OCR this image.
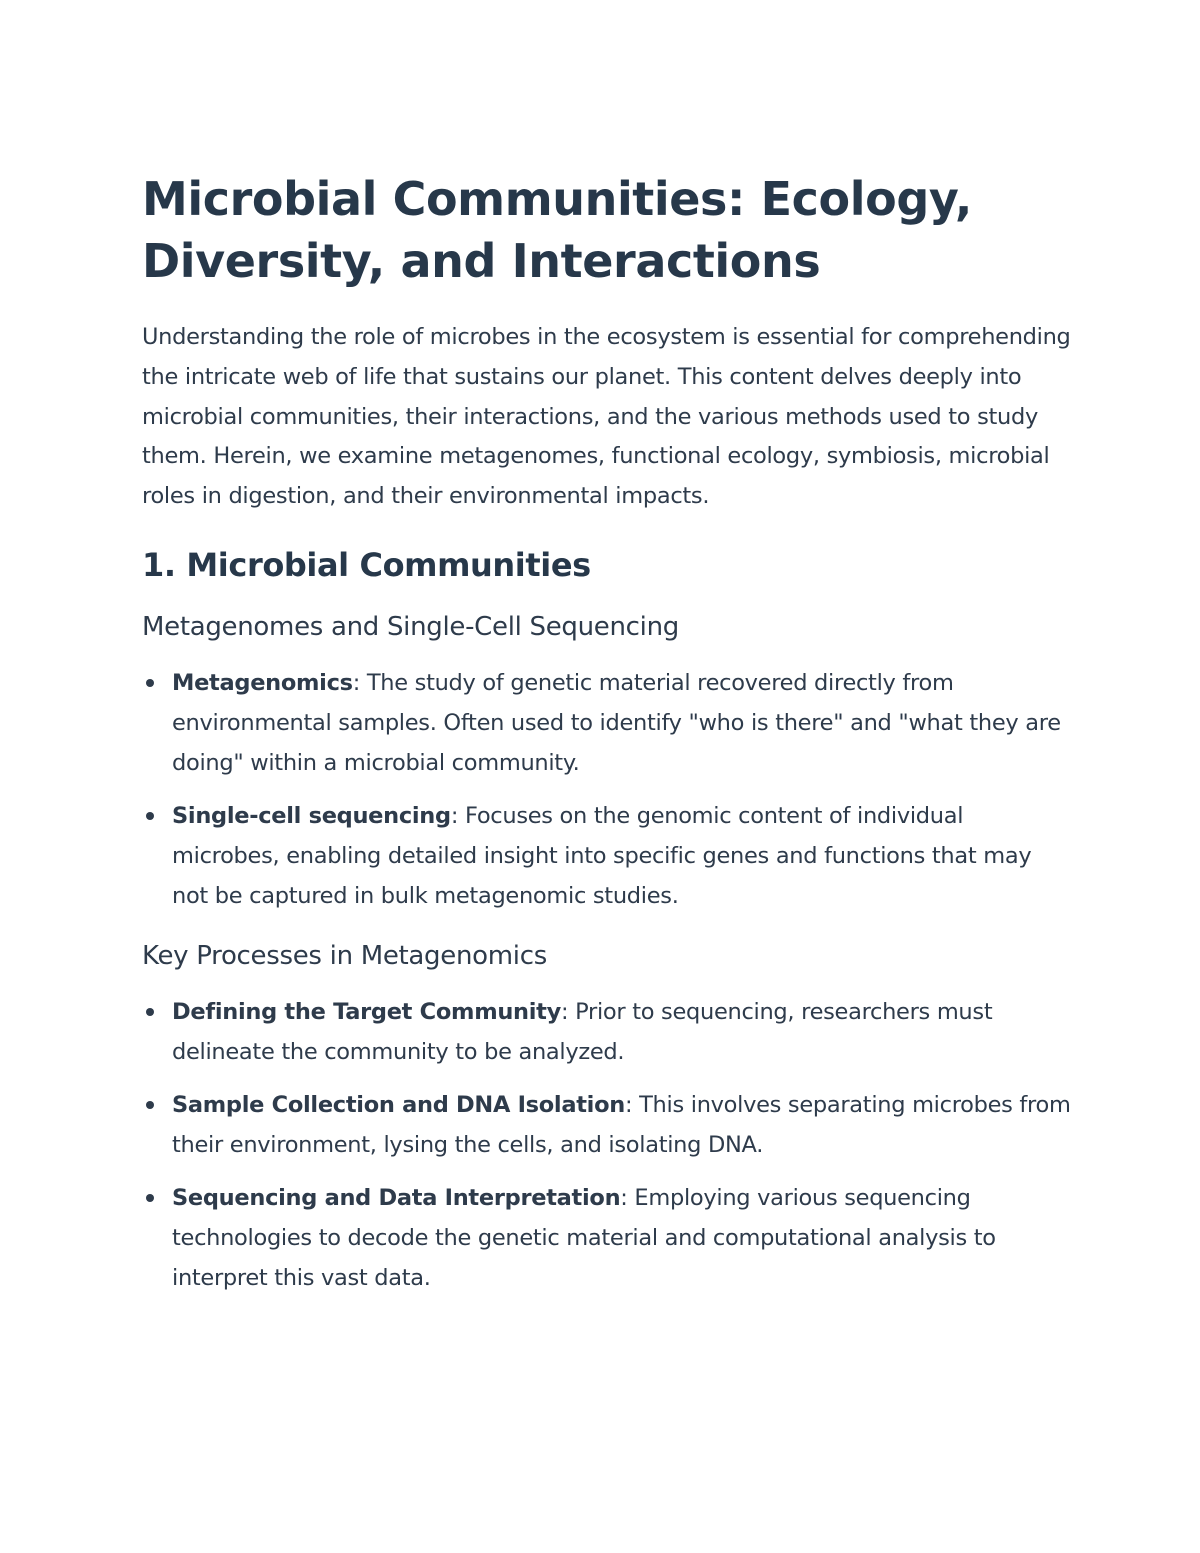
Microbial Communities: Ecology, Diversity, and Interactions

Understanding the role of microbes in the ecosystem is essential for comprehending the intricate web of life that sustains our planet. This content delves deeply into microbial communities, their interactions, and the various methods used to study them. Herein, we examine metagenomes, functional ecology, symbiosis, microbial roles in digestion, and their environmental impacts.

1. Microbial Communities
Metagenomes and Single-Cell Sequencing
Metagenomics: The study of genetic material recovered directly from environmental samples. Often used to identify "who is there" and "what they are doing" within a microbial community.
Single-cell sequencing: Focuses on the genomic content of individual microbes, enabling detailed insight into specific genes and functions that may not be captured in bulk metagenomic studies.
Key Processes in Metagenomics
Defining the Target Community: Prior to sequencing, researchers must delineate the community to be analyzed.
Sample Collection and DNA Isolation: This involves separating microbes from their environment, lysing the cells, and isolating DNA.
Sequencing and Data Interpretation: Employing various sequencing technologies to decode the genetic material and computational analysis to interpret this vast data.
